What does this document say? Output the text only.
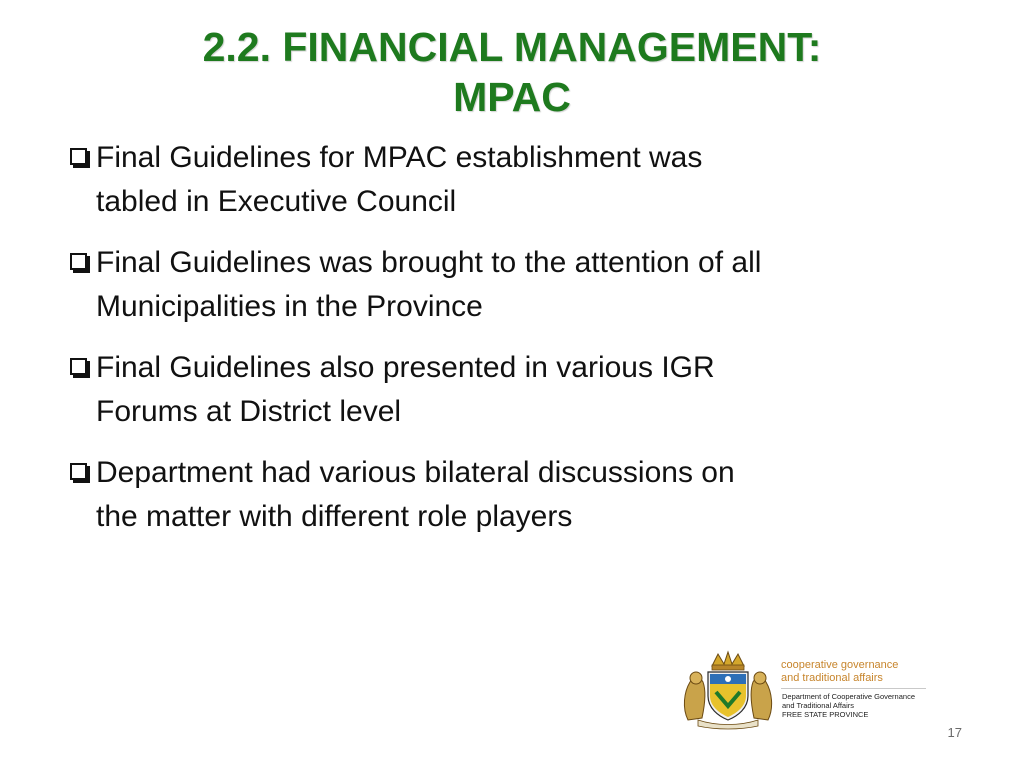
2.2. FINANCIAL MANAGEMENT:
MPAC
Final Guidelines for MPAC establishment was
tabled in Executive Council
Final Guidelines was brought to the attention of all
Municipalities in the Province
Final Guidelines also presented in various IGR
Forums at District level
Department had various bilateral discussions on
the matter with different role players
cooperative governance
and traditional affairs
Department of Cooperative Governance
and Traditional Affairs
FREE STATE PROVINCE
17
